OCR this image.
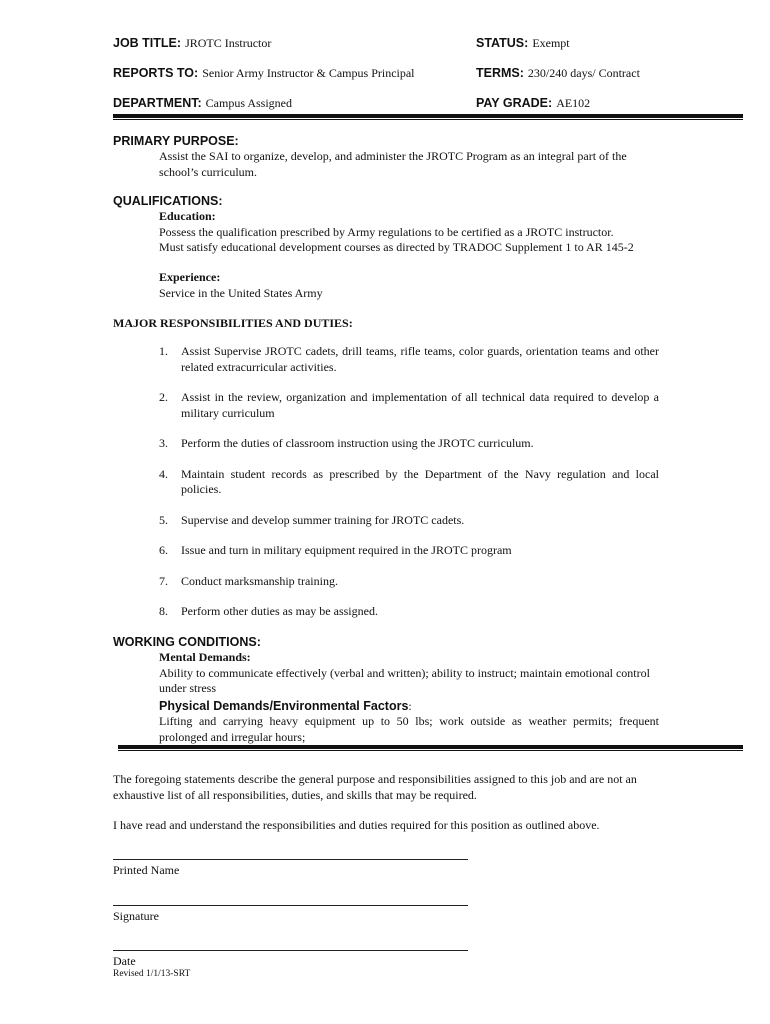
JOB TITLE: JROTC Instructor	STATUS: Exempt
REPORTS TO: Senior Army Instructor & Campus Principal	TERMS: 230/240 days/ Contract
DEPARTMENT: Campus Assigned	PAY GRADE: AE102
PRIMARY PURPOSE:
Assist the SAI to organize, develop, and administer the JROTC Program as an integral part of the school’s curriculum.
QUALIFICATIONS:
Education:
Possess the qualification prescribed by Army regulations to be certified as a JROTC instructor.
Must satisfy educational development courses as directed by TRADOC Supplement 1 to AR 145-2
Experience:
Service in the United States Army
MAJOR RESPONSIBILITIES AND DUTIES:
1. Assist Supervise JROTC cadets, drill teams, rifle teams, color guards, orientation teams and other related extracurricular activities.
2. Assist in the review, organization and implementation of all technical data required to develop a military curriculum
3. Perform the duties of classroom instruction using the JROTC curriculum.
4. Maintain student records as prescribed by the Department of the Navy regulation and local policies.
5. Supervise and develop summer training for JROTC cadets.
6. Issue and turn in military equipment required in the JROTC program
7. Conduct marksmanship training.
8. Perform other duties as may be assigned.
WORKING CONDITIONS:
Mental Demands:
Ability to communicate effectively (verbal and written); ability to instruct; maintain emotional control under stress
Physical Demands/Environmental Factors:
Lifting and carrying heavy equipment up to 50 lbs; work outside as weather permits; frequent prolonged and irregular hours;
The foregoing statements describe the general purpose and responsibilities assigned to this job and are not an exhaustive list of all responsibilities, duties, and skills that may be required.
I have read and understand the responsibilities and duties required for this position as outlined above.
Printed Name
Signature
Date
Revised 1/1/13-SRT
